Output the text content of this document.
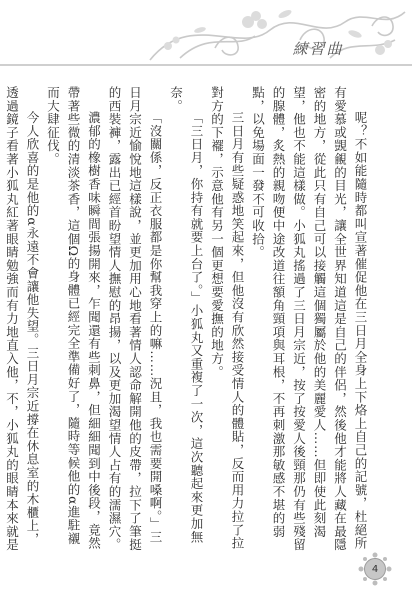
練習曲

呢？不如能隨時都叫宣著催促他在三日月全身上下烙上自己的記號，杜絕所有愛慕或覬覦的目光，讓全世界知道這是自己的伴侶，然後他才能將人藏在最隱密的地方，從此只有自己可以接觸這個獨屬於他的美麗愛人……但即使此刻渴望，他也不能這樣做。小狐丸搖過了三日月宗近，按了按愛人後頸那仍有些殘留的腺體，炙熱的親吻便中途改道往額角頸項與耳根，不再刺激那敏感不堪的弱點，以免場面一發不可收拾。

三日月有些疑惑地笑起來，但他沒有欣然接受情人的體貼，反而用力拉了拉對方的下襬，示意他有另一個更想要愛撫的地方。

「三日月，你持有就要上台了。」小狐丸又重複了一次，這次聽起來更加無奈。

「沒關係，反正衣服都是你幫我穿上的嘛……況且，我也需要開嗓啊。」三日月宗近愉悅地這樣說，並更加用心地看著情人認命解開他的皮帶，拉下了筆挺的西裝褲，露出已經首盼望情人撫慰的昂揚，以及更加渴望情人占有的濡濕穴。

濃郁的橡樹香味瞬間張揚開來，乍聞還有些刺鼻，但細細聞到中後段，竟然帶著些微的清淡茶香，這個Ω的身體已經完全準備好了，隨時等候他的α進駐襯而大肆征伐。

今人欣喜的是他的α永遠不會讓他失望。三日月宗近撐在休息室的木櫃上，透過鏡子看著小狐丸紅著眼睛勉強而有力地直入他，不，小狐丸的眼睛本來就是

4
